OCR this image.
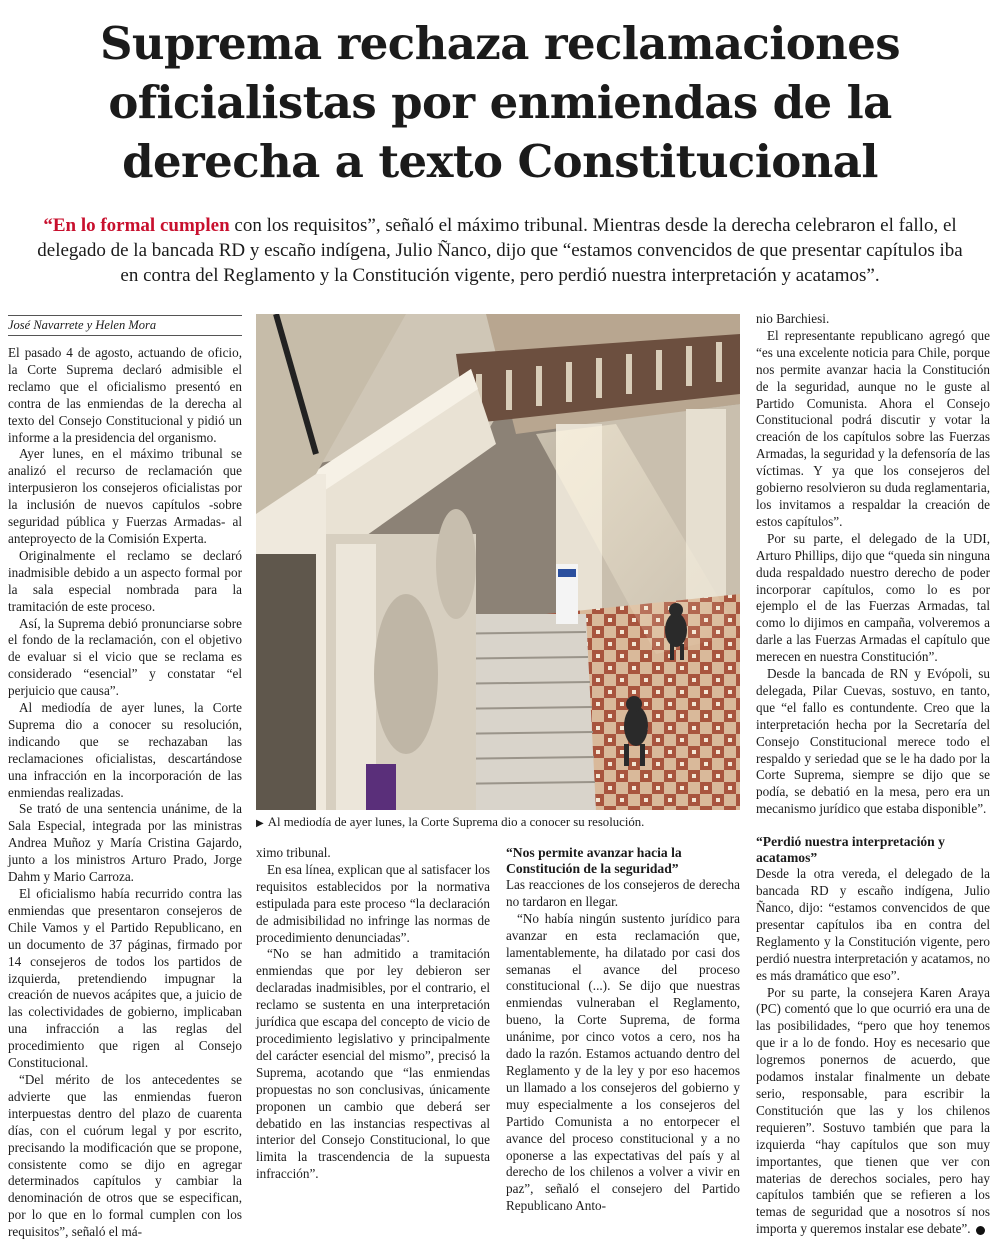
Suprema rechaza reclamaciones oficialistas por enmiendas de la derecha a texto Constitucional

“En lo formal cumplen con los requisitos”, señaló el máximo tribunal. Mientras desde la derecha celebraron el fallo, el delegado de la bancada RD y escaño indígena, Julio Ñanco, dijo que “estamos convencidos de que presentar capítulos iba en contra del Reglamento y la Constitución vigente, pero perdió nuestra interpretación y acatamos”.

José Navarrete y Helen Mora

El pasado 4 de agosto, actuando de oficio, la Corte Suprema declaró admisible el reclamo que el oficialismo presentó en contra de las enmiendas de la derecha al texto del Consejo Constitucional y pidió un informe a la presidencia del organismo.

Ayer lunes, en el máximo tribunal se analizó el recurso de reclamación que interpusieron los consejeros oficialistas por la inclusión de nuevos capítulos -sobre seguridad pública y Fuerzas Armadas- al anteproyecto de la Comisión Experta.

Originalmente el reclamo se declaró inadmisible debido a un aspecto formal por la sala especial nombrada para la tramitación de este proceso.

Así, la Suprema debió pronunciarse sobre el fondo de la reclamación, con el objetivo de evaluar si el vicio que se reclama es considerado “esencial” y constatar “el perjuicio que causa”.

Al mediodía de ayer lunes, la Corte Suprema dio a conocer su resolución, indicando que se rechazaban las reclamaciones oficialistas, descartándose una infracción en la incorporación de las enmiendas realizadas.

Se trató de una sentencia unánime, de la Sala Especial, integrada por las ministras Andrea Muñoz y María Cristina Gajardo, junto a los ministros Arturo Prado, Jorge Dahm y Mario Carroza.

El oficialismo había recurrido contra las enmiendas que presentaron consejeros de Chile Vamos y el Partido Republicano, en un documento de 37 páginas, firmado por 14 consejeros de todos los partidos de izquierda, pretendiendo impugnar la creación de nuevos acápites que, a juicio de las colectividades de gobierno, implicaban una infracción a las reglas del procedimiento que rigen al Consejo Constitucional.

“Del mérito de los antecedentes se advierte que las enmiendas fueron interpuestas dentro del plazo de cuarenta días, con el cuórum legal y por escrito, precisando la modificación que se propone, consistente como se dijo en agregar determinados capítulos y cambiar la denominación de otros que se especifican, por lo que en lo formal cumplen con los requisitos”, señaló el má-

▶ Al mediodía de ayer lunes, la Corte Suprema dio a conocer su resolución.

ximo tribunal.

En esa línea, explican que al satisfacer los requisitos establecidos por la normativa estipulada para este proceso “la declaración de admisibilidad no infringe las normas de procedimiento denunciadas”.

“No se han admitido a tramitación enmiendas que por ley debieron ser declaradas inadmisibles, por el contrario, el reclamo se sustenta en una interpretación jurídica que escapa del concepto de vicio de procedimiento legislativo y principalmente del carácter esencial del mismo”, precisó la Suprema, acotando que “las enmiendas propuestas no son conclusivas, únicamente proponen un cambio que deberá ser debatido en las instancias respectivas al interior del Consejo Constitucional, lo que limita la trascendencia de la supuesta infracción”.

“Nos permite avanzar hacia la Constitución de la seguridad”

Las reacciones de los consejeros de derecha no tardaron en llegar.

“No había ningún sustento jurídico para avanzar en esta reclamación que, lamentablemente, ha dilatado por casi dos semanas el avance del proceso constitucional (...). Se dijo que nuestras enmiendas vulneraban el Reglamento, bueno, la Corte Suprema, de forma unánime, por cinco votos a cero, nos ha dado la razón. Estamos actuando dentro del Reglamento y de la ley y por eso hacemos un llamado a los consejeros del gobierno y muy especialmente a los consejeros del Partido Comunista a no entorpecer el avance del proceso constitucional y a no oponerse a las expectativas del país y al derecho de los chilenos a volver a vivir en paz”, señaló el consejero del Partido Republicano Anto-

nio Barchiesi.

El representante republicano agregó que “es una excelente noticia para Chile, porque nos permite avanzar hacia la Constitución de la seguridad, aunque no le guste al Partido Comunista. Ahora el Consejo Constitucional podrá discutir y votar la creación de los capítulos sobre las Fuerzas Armadas, la seguridad y la defensoría de las víctimas. Y ya que los consejeros del gobierno resolvieron su duda reglamentaria, los invitamos a respaldar la creación de estos capítulos”.

Por su parte, el delegado de la UDI, Arturo Phillips, dijo que “queda sin ninguna duda respaldado nuestro derecho de poder incorporar capítulos, como lo es por ejemplo el de las Fuerzas Armadas, tal como lo dijimos en campaña, volveremos a darle a las Fuerzas Armadas el capítulo que merecen en nuestra Constitución”.

Desde la bancada de RN y Evópoli, su delegada, Pilar Cuevas, sostuvo, en tanto, que “el fallo es contundente. Creo que la interpretación hecha por la Secretaría del Consejo Constitucional merece todo el respaldo y seriedad que se le ha dado por la Corte Suprema, siempre se dijo que se podía, se debatió en la mesa, pero era un mecanismo jurídico que estaba disponible”.

“Perdió nuestra interpretación y acatamos”

Desde la otra vereda, el delegado de la bancada RD y escaño indígena, Julio Ñanco, dijo: “estamos convencidos de que presentar capítulos iba en contra del Reglamento y la Constitución vigente, pero perdió nuestra interpretación y acatamos, no es más dramático que eso”.

Por su parte, la consejera Karen Araya (PC) comentó que lo que ocurrió era una de las posibilidades, “pero que hoy tenemos que ir a lo de fondo. Hoy es necesario que logremos ponernos de acuerdo, que podamos instalar finalmente un debate serio, responsable, para escribir la Constitución que las y los chilenos requieren”. Sostuvo también que para la izquierda “hay capítulos que son muy importantes, que tienen que ver con materias de derechos sociales, pero hay capítulos también que se refieren a los temas de seguridad que a nosotros sí nos importa y queremos instalar ese debate”.
